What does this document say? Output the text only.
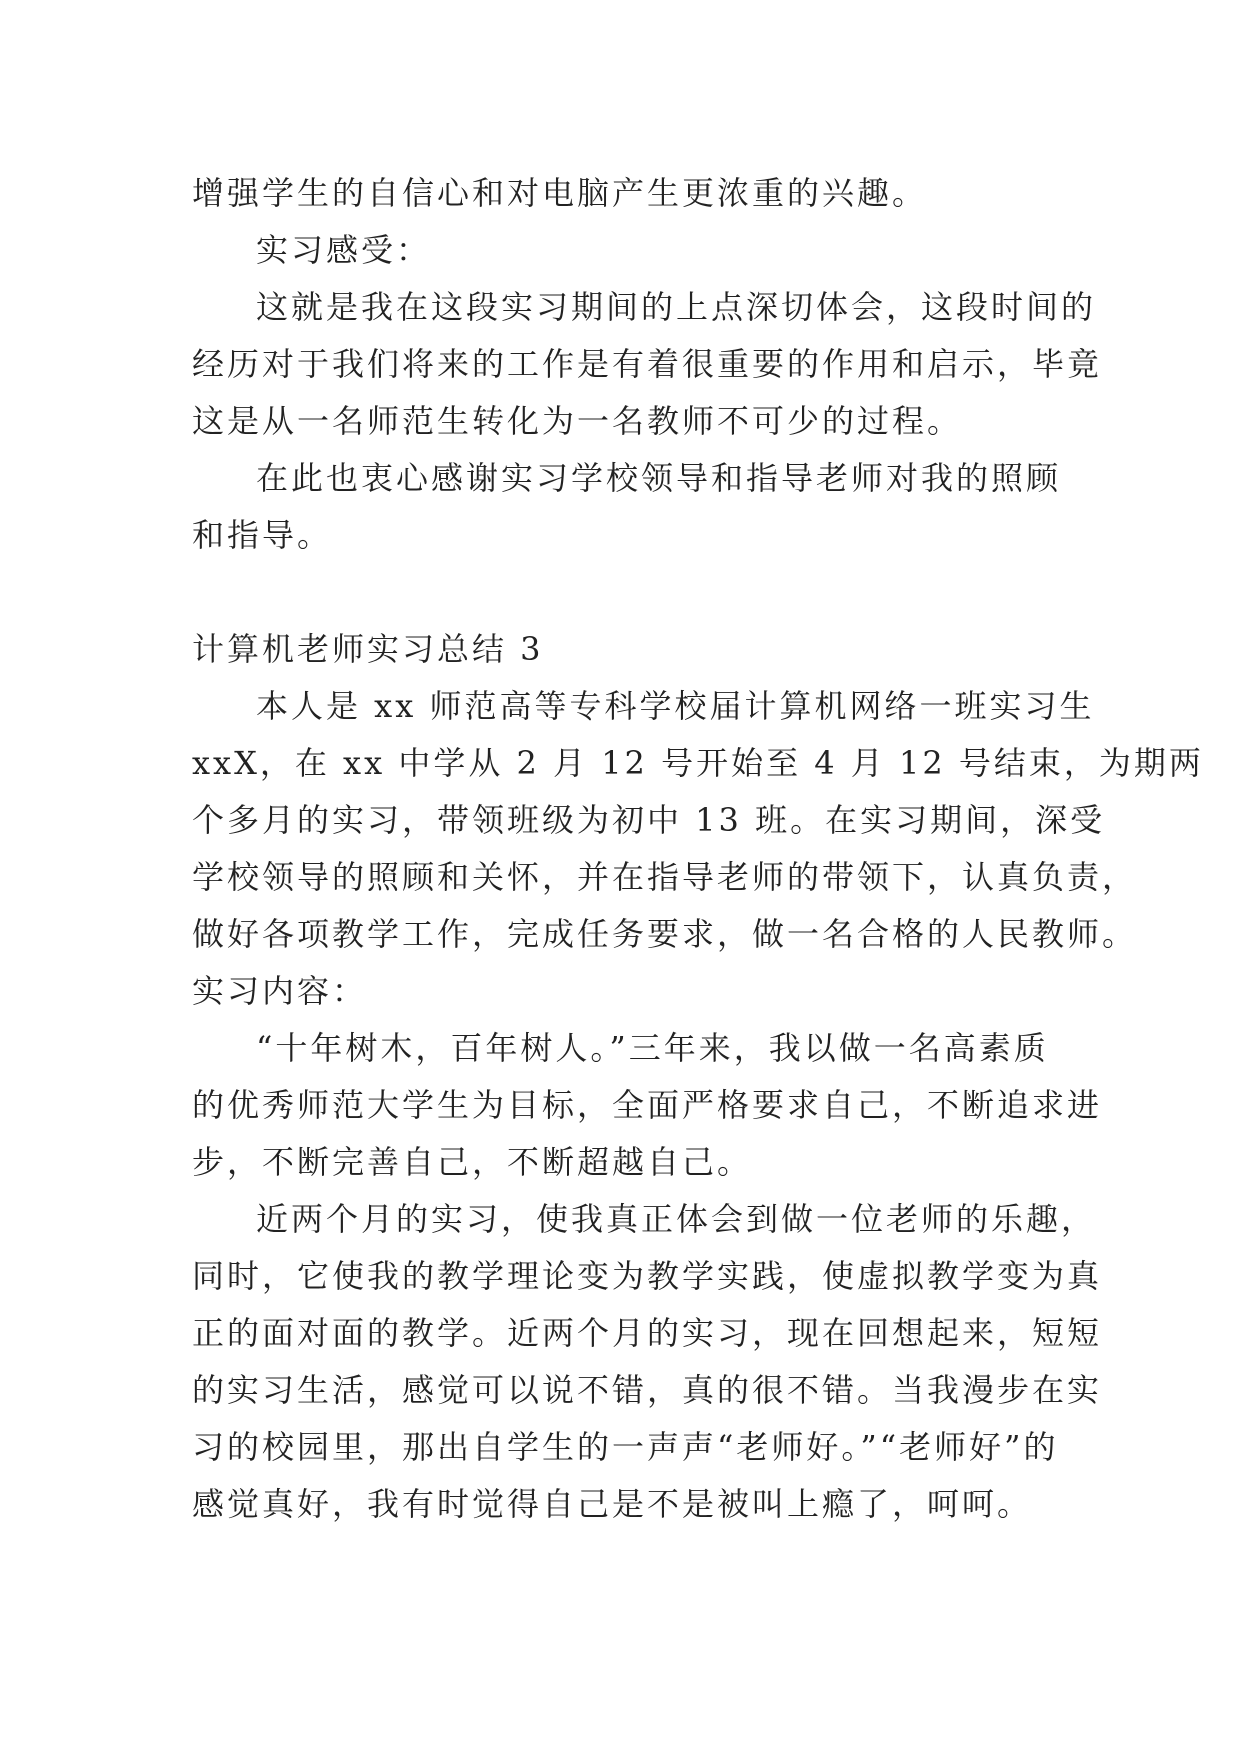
增强学生的自信心和对电脑产生更浓重的兴趣。
实习感受：
这就是我在这段实习期间的上点深切体会，这段时间的
经历对于我们将来的工作是有着很重要的作用和启示，毕竟
这是从一名师范生转化为一名教师不可少的过程。
在此也衷心感谢实习学校领导和指导老师对我的照顾
和指导。
计算机老师实习总结 3
本人是 xx 师范高等专科学校届计算机网络一班实习生
xxX，在 xx 中学从 2 月 12 号开始至 4 月 12 号结束，为期两
个多月的实习，带领班级为初中 13 班。在实习期间，深受
学校领导的照顾和关怀，并在指导老师的带领下，认真负责，
做好各项教学工作，完成任务要求，做一名合格的人民教师。
实习内容：
“十年树木，百年树人。”三年来，我以做一名高素质
的优秀师范大学生为目标，全面严格要求自己，不断追求进
步，不断完善自己，不断超越自己。
近两个月的实习，使我真正体会到做一位老师的乐趣，
同时，它使我的教学理论变为教学实践，使虚拟教学变为真
正的面对面的教学。近两个月的实习，现在回想起来，短短
的实习生活，感觉可以说不错，真的很不错。当我漫步在实
习的校园里，那出自学生的一声声“老师好。”“老师好”的
感觉真好，我有时觉得自己是不是被叫上瘾了，呵呵。
